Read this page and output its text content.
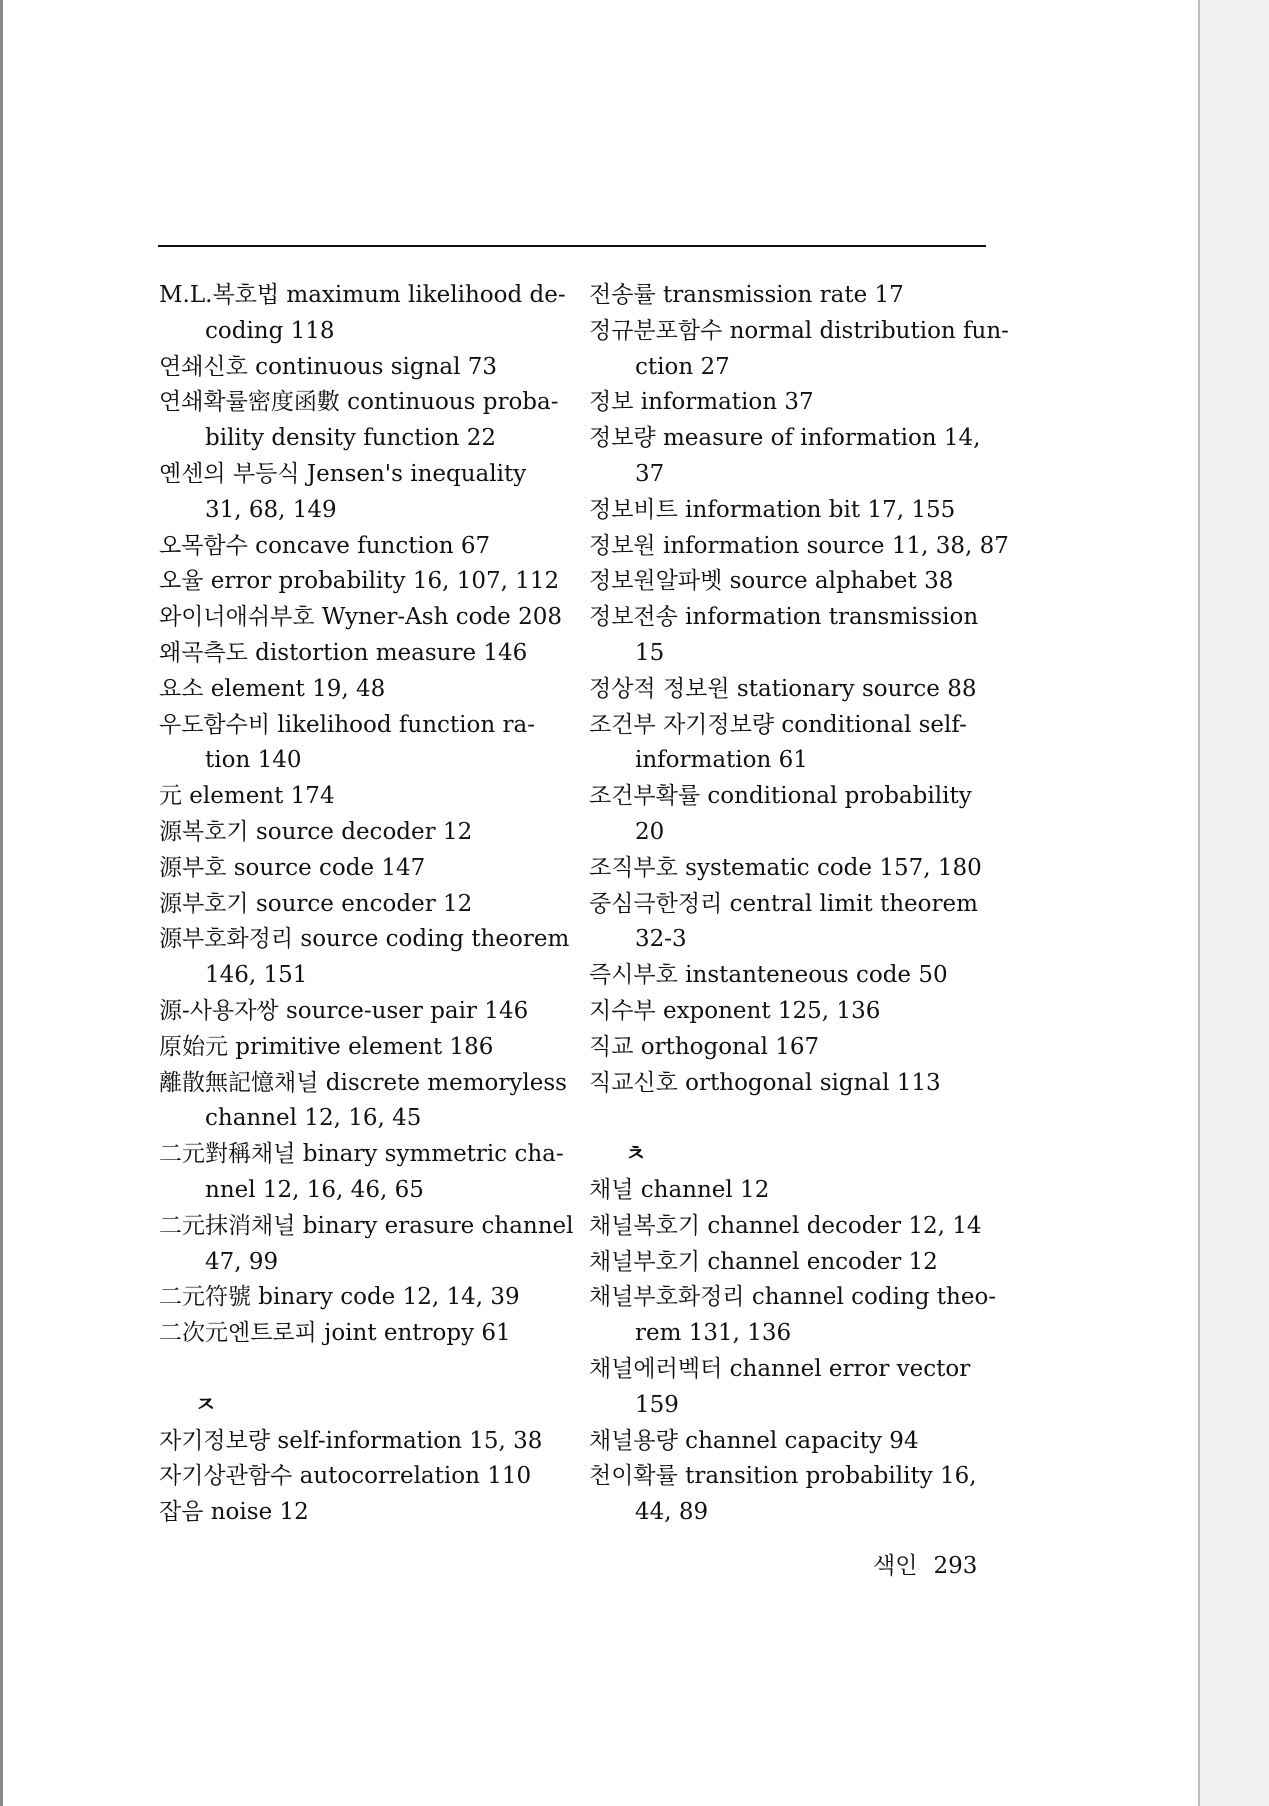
M.L.복호법 maximum likelihood de-
coding 118
연쇄신호 continuous signal 73
연쇄확률密度函數 continuous proba-
bility density function 22
옌센의 부등식 Jensen's inequality
31, 68, 149
오목함수 concave function 67
오율 error probability 16, 107, 112
와이너애쉬부호 Wyner-Ash code 208
왜곡측도 distortion measure 146
요소 element 19, 48
우도함수비 likelihood function ra-
tion 140
元 element 174
源복호기 source decoder 12
源부호 source code 147
源부호기 source encoder 12
源부호화정리 source coding theorem
146, 151
源-사용자쌍 source-user pair 146
原始元 primitive element 186
離散無記憶채널 discrete memoryless
channel 12, 16, 45
二元對稱채널 binary symmetric cha-
nnel 12, 16, 46, 65
二元抹消채널 binary erasure channel
47, 99
二元符號 binary code 12, 14, 39
二次元엔트로피 joint entropy 61
ㅈ
자기정보량 self-information 15, 38
자기상관함수 autocorrelation 110
잡음 noise 12
전송률 transmission rate 17
정규분포함수 normal distribution fun-
ction 27
정보 information 37
정보량 measure of information 14,
37
정보비트 information bit 17, 155
정보원 information source 11, 38, 87
정보원알파벳 source alphabet 38
정보전송 information transmission
15
정상적 정보원 stationary source 88
조건부 자기정보량 conditional self-
information 61
조건부확률 conditional probability
20
조직부호 systematic code 157, 180
중심극한정리 central limit theorem
32-3
즉시부호 instanteneous code 50
지수부 exponent 125, 136
직교 orthogonal 167
직교신호 orthogonal signal 113
ㅊ
채널 channel 12
채널복호기 channel decoder 12, 14
채널부호기 channel encoder 12
채널부호화정리 channel coding theo-
rem 131, 136
채널에러벡터 channel error vector
159
채널용량 channel capacity 94
천이확률 transition probability 16,
44, 89
색인 293
